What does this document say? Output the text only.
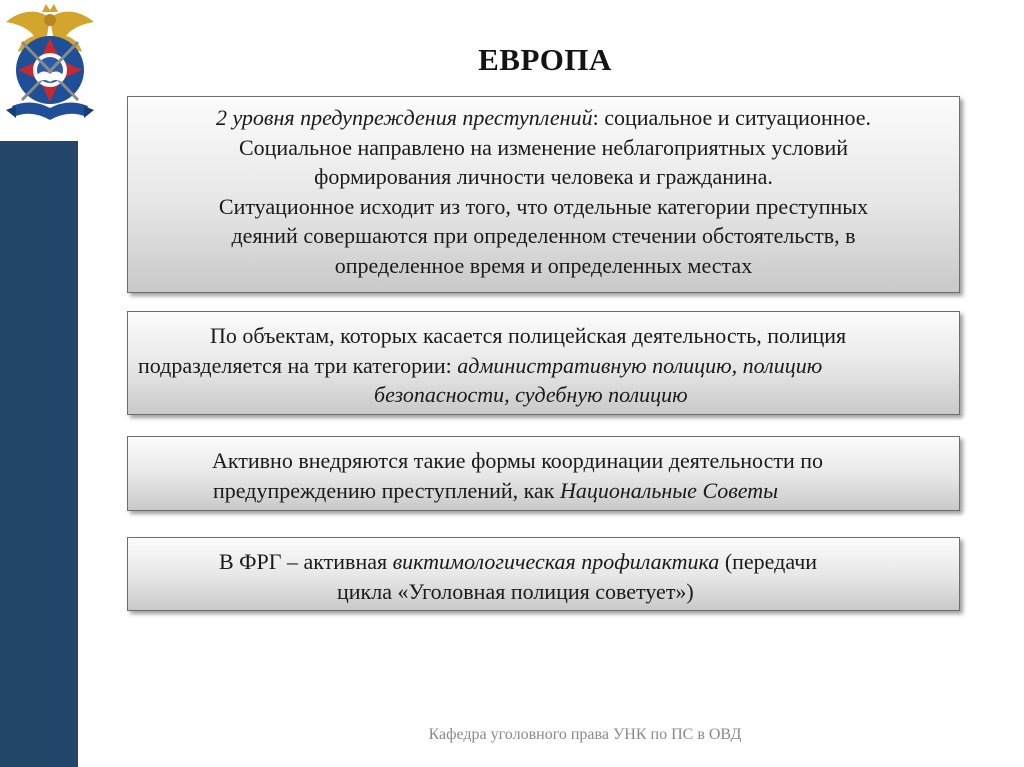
ЕВРОПА

2 уровня предупреждения преступлений: социальное и ситуационное.

Социальное направлено на изменение неблагоприятных условий

формирования личности человека и гражданина.

Ситуационное исходит из того, что отдельные категории преступных

деяний совершаются при определенном стечении обстоятельств, в

определенное время и определенных местах

По объектам, которых касается полицейская деятельность, полиция

подразделяется на три категории: административную полицию, полицию

безопасности, судебную полицию

Активно внедряются такие формы координации деятельности по

предупреждению преступлений, как Национальные Советы

В ФРГ – активная виктимологическая профилактика (передачи

цикла «Уголовная полиция советует»)

Кафедра уголовного права УНК по ПС в ОВД
